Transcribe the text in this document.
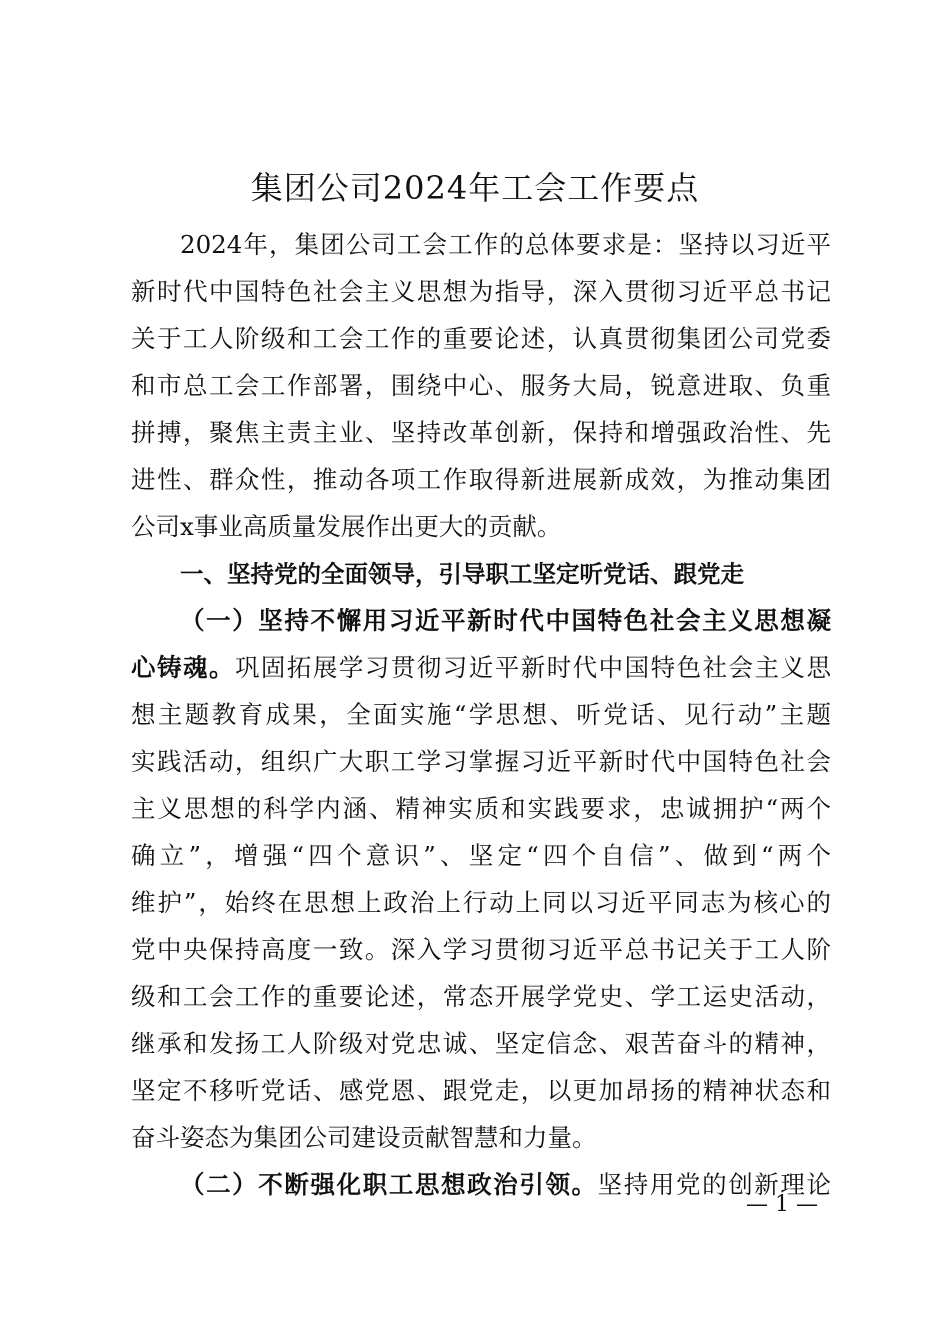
集团公司2024年工会工作要点
2024年，集团公司工会工作的总体要求是：坚持以习近平
新时代中国特色社会主义思想为指导，深入贯彻习近平总书记
关于工人阶级和工会工作的重要论述，认真贯彻集团公司党委
和市总工会工作部署，围绕中心、服务大局，锐意进取、负重
拼搏，聚焦主责主业、坚持改革创新，保持和增强政治性、先
进性、群众性，推动各项工作取得新进展新成效，为推动集团
公司x事业高质量发展作出更大的贡献。
一、坚持党的全面领导，引导职工坚定听党话、跟党走
（一）坚持不懈用习近平新时代中国特色社会主义思想凝
心铸魂。巩固拓展学习贯彻习近平新时代中国特色社会主义思
想主题教育成果，全面实施“学思想、听党话、见行动”主题
实践活动，组织广大职工学习掌握习近平新时代中国特色社会
主义思想的科学内涵、精神实质和实践要求，忠诚拥护“两个
确立”，增强“四个意识”、坚定“四个自信”、做到“两个
维护”，始终在思想上政治上行动上同以习近平同志为核心的
党中央保持高度一致。深入学习贯彻习近平总书记关于工人阶
级和工会工作的重要论述，常态开展学党史、学工运史活动，
继承和发扬工人阶级对党忠诚、坚定信念、艰苦奋斗的精神，
坚定不移听党话、感党恩、跟党走，以更加昂扬的精神状态和
奋斗姿态为集团公司建设贡献智慧和力量。
（二）不断强化职工思想政治引领。坚持用党的创新理论
— 1 —
